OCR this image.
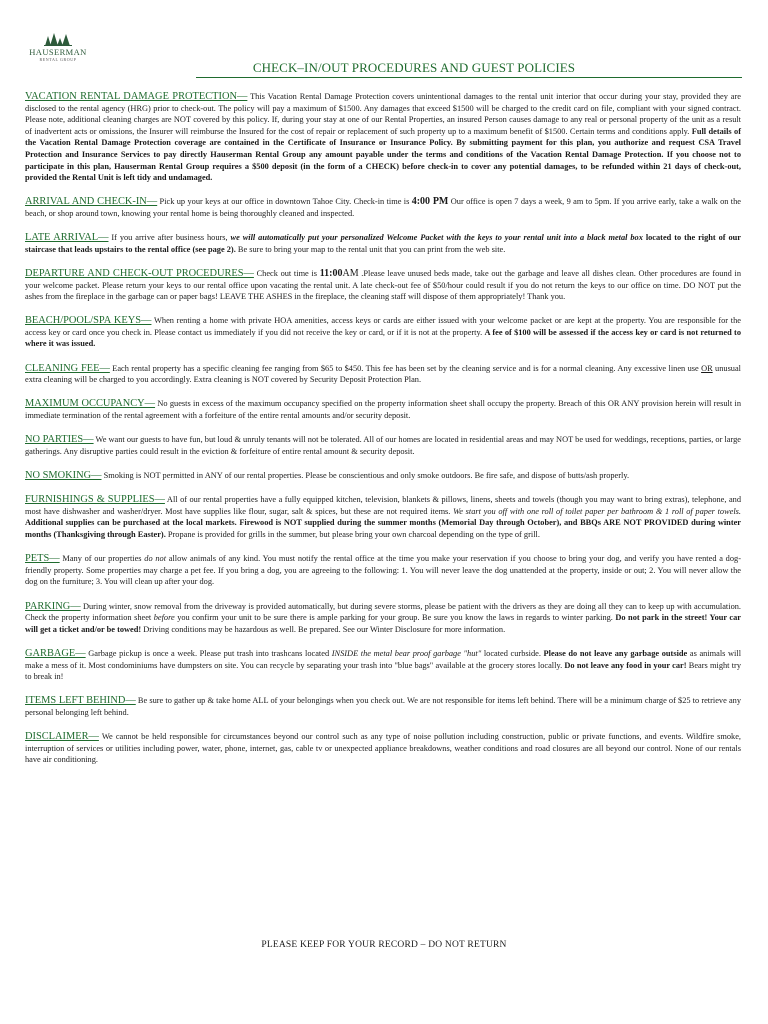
HAUSERMAN
RENTAL GROUP
CHECK–IN/OUT PROCEDURES AND GUEST POLICIES

VACATION RENTAL DAMAGE PROTECTION— This Vacation Rental Damage Protection covers unintentional damages to the rental unit interior that occur during your stay, provided they are disclosed to the rental agency (HRG) prior to check-out. The policy will pay a maximum of $1500. Any damages that exceed $1500 will be charged to the credit card on file, compliant with your signed contract. Please note, additional cleaning charges are NOT covered by this policy. If, during your stay at one of our Rental Properties, an insured Person causes damage to any real or personal property of the unit as a result of inadvertent acts or omissions, the Insurer will reimburse the Insured for the cost of repair or replacement of such property up to a maximum benefit of $1500. Certain terms and conditions apply. Full details of the Vacation Rental Damage Protection coverage are contained in the Certificate of Insurance or Insurance Policy. By submitting payment for this plan, you authorize and request CSA Travel Protection and Insurance Services to pay directly Hauserman Rental Group any amount payable under the terms and conditions of the Vacation Rental Damage Protection. If you choose not to participate in this plan, Hauserman Rental Group requires a $500 deposit (in the form of a CHECK) before check-in to cover any potential damages, to be refunded within 21 days of check-out, provided the Rental Unit is left tidy and undamaged.

ARRIVAL AND CHECK-IN— Pick up your keys at our office in downtown Tahoe City. Check-in time is 4:00 PM Our office is open 7 days a week, 9 am to 5pm. If you arrive early, take a walk on the beach, or shop around town, knowing your rental home is being thoroughly cleaned and inspected.

LATE ARRIVAL— If you arrive after business hours, we will automatically put your personalized Welcome Packet with the keys to your rental unit into a black metal box located to the right of our staircase that leads upstairs to the rental office (see page 2). Be sure to bring your map to the rental unit that you can print from the web site.

DEPARTURE AND CHECK-OUT PROCEDURES— Check out time is 11:00AM .Please leave unused beds made, take out the garbage and leave all dishes clean. Other procedures are found in your welcome packet. Please return your keys to our rental office upon vacating the rental unit. A late check-out fee of $50/hour could result if you do not return the keys to our office on time. DO NOT put the ashes from the fireplace in the garbage can or paper bags! LEAVE THE ASHES in the fireplace, the cleaning staff will dispose of them appropriately! Thank you.

BEACH/POOL/SPA KEYS— When renting a home with private HOA amenities, access keys or cards are either issued with your welcome packet or are kept at the property. You are responsible for the access key or card once you check in. Please contact us immediately if you did not receive the key or card, or if it is not at the property. A fee of $100 will be assessed if the access key or card is not returned to where it was issued.

CLEANING FEE— Each rental property has a specific cleaning fee ranging from $65 to $450. This fee has been set by the cleaning service and is for a normal cleaning. Any excessive linen use OR unusual extra cleaning will be charged to you accordingly. Extra cleaning is NOT covered by Security Deposit Protection Plan.

MAXIMUM OCCUPANCY— No guests in excess of the maximum occupancy specified on the property information sheet shall occupy the property. Breach of this OR ANY provision herein will result in immediate termination of the rental agreement with a forfeiture of the entire rental amounts and/or security deposit.

NO PARTIES— We want our guests to have fun, but loud & unruly tenants will not be tolerated. All of our homes are located in residential areas and may NOT be used for weddings, receptions, parties, or large gatherings. Any disruptive parties could result in the eviction & forfeiture of entire rental amount & security deposit.

NO SMOKING— Smoking is NOT permitted in ANY of our rental properties. Please be conscientious and only smoke outdoors. Be fire safe, and dispose of butts/ash properly.

FURNISHINGS & SUPPLIES— All of our rental properties have a fully equipped kitchen, television, blankets & pillows, linens, sheets and towels (though you may want to bring extras), telephone, and most have dishwasher and washer/dryer. Most have supplies like flour, sugar, salt & spices, but these are not required items. We start you off with one roll of toilet paper per bathroom & 1 roll of paper towels. Additional supplies can be purchased at the local markets. Firewood is NOT supplied during the summer months (Memorial Day through October), and BBQs ARE NOT PROVIDED during winter months (Thanksgiving through Easter). Propane is provided for grills in the summer, but please bring your own charcoal depending on the type of grill.

PETS— Many of our properties do not allow animals of any kind. You must notify the rental office at the time you make your reservation if you choose to bring your dog, and verify you have rented a dog-friendly property. Some properties may charge a pet fee. If you bring a dog, you are agreeing to the following: 1. You will never leave the dog unattended at the property, inside or out; 2. You will never allow the dog on the furniture; 3. You will clean up after your dog.

PARKING— During winter, snow removal from the driveway is provided automatically, but during severe storms, please be patient with the drivers as they are doing all they can to keep up with accumulation. Check the property information sheet before you confirm your unit to be sure there is ample parking for your group. Be sure you know the laws in regards to winter parking. Do not park in the street! Your car will get a ticket and/or be towed! Driving conditions may be hazardous as well. Be prepared. See our Winter Disclosure for more information.

GARBAGE— Garbage pickup is once a week. Please put trash into trashcans located INSIDE the metal bear proof garbage "hut" located curbside. Please do not leave any garbage outside as animals will make a mess of it. Most condominiums have dumpsters on site. You can recycle by separating your trash into "blue bags" available at the grocery stores locally. Do not leave any food in your car! Bears might try to break in!

ITEMS LEFT BEHIND— Be sure to gather up & take home ALL of your belongings when you check out. We are not responsible for items left behind. There will be a minimum charge of $25 to retrieve any personal belonging left behind.

DISCLAIMER— We cannot be held responsible for circumstances beyond our control such as any type of noise pollution including construction, public or private functions, and events. Wildfire smoke, interruption of services or utilities including power, water, phone, internet, gas, cable tv or unexpected appliance breakdowns, weather conditions and road closures are all beyond our control. None of our rentals have air conditioning.

PLEASE KEEP FOR YOUR RECORD – DO NOT RETURN
